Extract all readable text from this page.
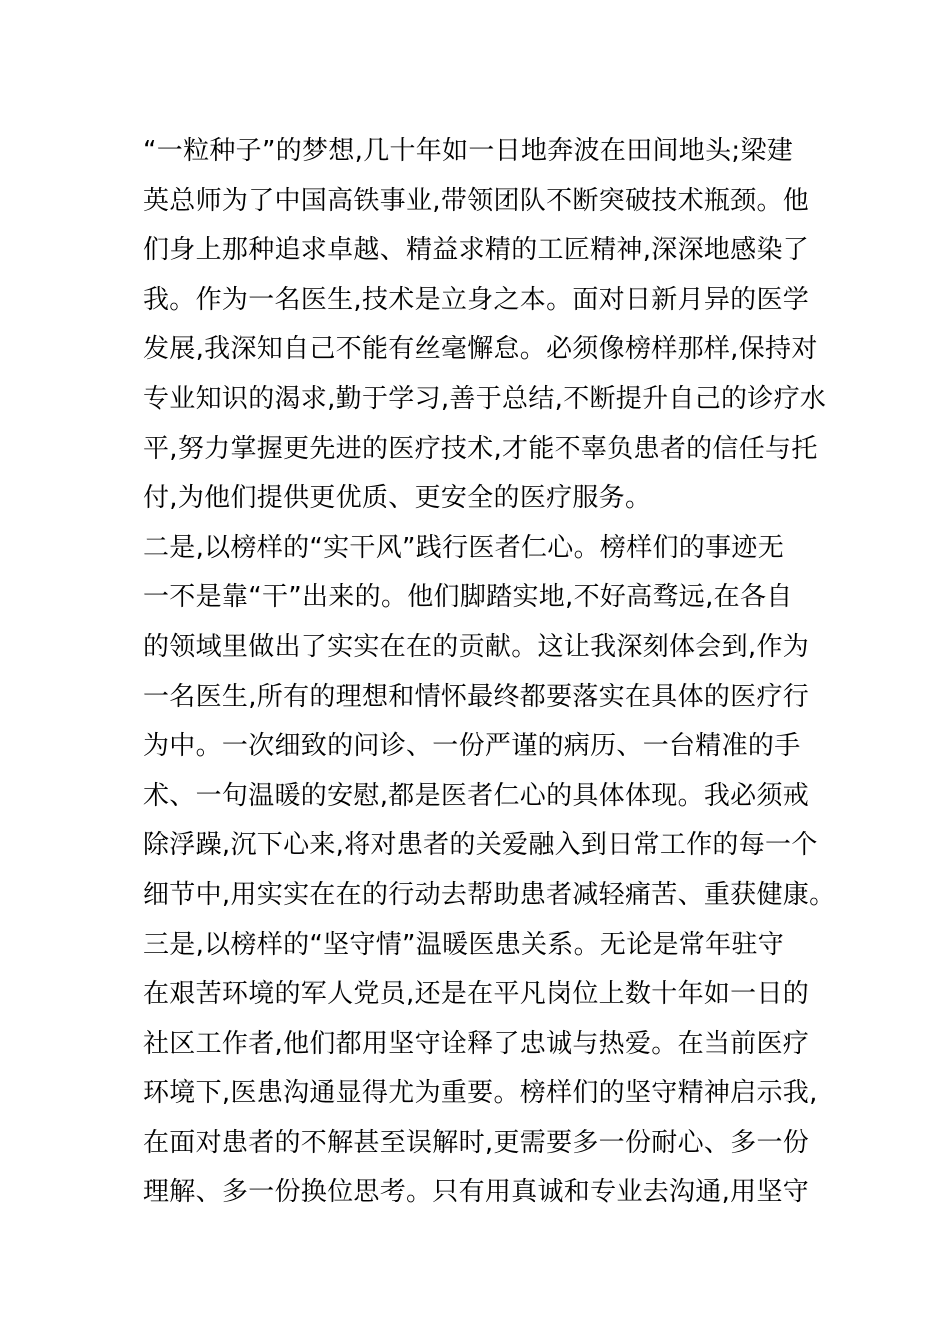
“一粒种子”的梦想,几十年如一日地奔波在田间地头;梁建
英总师为了中国高铁事业,带领团队不断突破技术瓶颈。他
们身上那种追求卓越、精益求精的工匠精神,深深地感染了
我。作为一名医生,技术是立身之本。面对日新月异的医学
发展,我深知自己不能有丝毫懈怠。必须像榜样那样,保持对
专业知识的渴求,勤于学习,善于总结,不断提升自己的诊疗水
平,努力掌握更先进的医疗技术,才能不辜负患者的信任与托
付,为他们提供更优质、更安全的医疗服务。
二是,以榜样的“实干风”践行医者仁心。榜样们的事迹无
一不是靠“干”出来的。他们脚踏实地,不好高骛远,在各自
的领域里做出了实实在在的贡献。这让我深刻体会到,作为
一名医生,所有的理想和情怀最终都要落实在具体的医疗行
为中。一次细致的问诊、一份严谨的病历、一台精准的手
术、一句温暖的安慰,都是医者仁心的具体体现。我必须戒
除浮躁,沉下心来,将对患者的关爱融入到日常工作的每一个
细节中,用实实在在的行动去帮助患者减轻痛苦、重获健康。
三是,以榜样的“坚守情”温暖医患关系。无论是常年驻守
在艰苦环境的军人党员,还是在平凡岗位上数十年如一日的
社区工作者,他们都用坚守诠释了忠诚与热爱。在当前医疗
环境下,医患沟通显得尤为重要。榜样们的坚守精神启示我,
在面对患者的不解甚至误解时,更需要多一份耐心、多一份
理解、多一份换位思考。只有用真诚和专业去沟通,用坚守
